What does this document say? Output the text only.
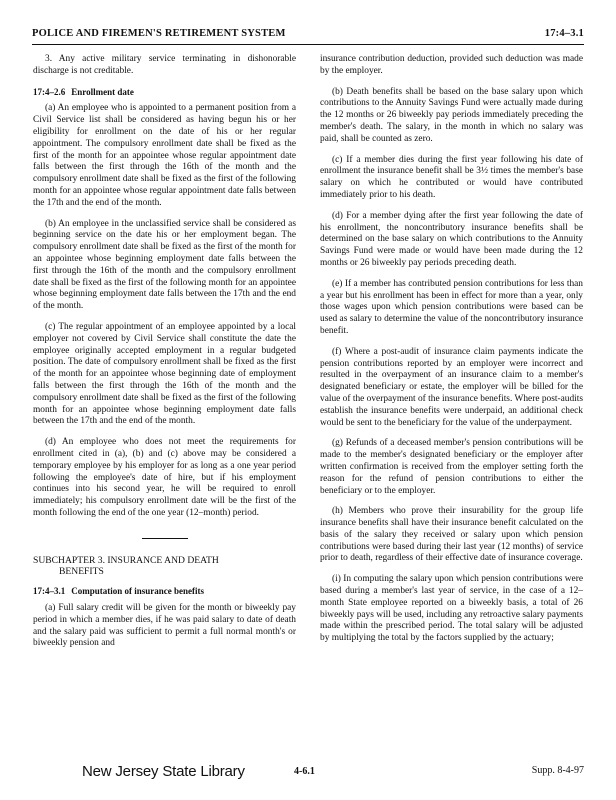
POLICE AND FIREMEN'S RETIREMENT SYSTEM	17:4–3.1

3. Any active military service terminating in dishonorable discharge is not creditable.

17:4–2.6 Enrollment date

(a) An employee who is appointed to a permanent position from a Civil Service list shall be considered as having begun his or her eligibility for enrollment on the date of his or her regular appointment. The compulsory enrollment date shall be fixed as the first of the month for an appointee whose regular appointment date falls between the first through the 16th of the month and the compulsory enrollment date shall be fixed as the first of the following month for an appointee whose regular appointment date falls between the 17th and the end of the month.

(b) An employee in the unclassified service shall be considered as beginning service on the date his or her employment began. The compulsory enrollment date shall be fixed as the first of the month for an appointee whose beginning employment date falls between the first through the 16th of the month and the compulsory enrollment date shall be fixed as the first of the following month for an appointee whose beginning employment date falls between the 17th and the end of the month.

(c) The regular appointment of an employee appointed by a local employer not covered by Civil Service shall constitute the date the employee originally accepted employment in a regular budgeted position. The date of compulsory enrollment shall be fixed as the first of the month for an appointee whose beginning date of employment falls between the first through the 16th of the month and the compulsory enrollment date shall be fixed as the first of the following month for an appointee whose beginning employment date falls between the 17th and the end of the month.

(d) An employee who does not meet the requirements for enrollment cited in (a), (b) and (c) above may be considered a temporary employee by his employer for as long as a one year period following the employee's date of hire, but if his employment continues into his second year, he will be required to enroll immediately; his compulsory enrollment date will be the first of the month following the end of the one year (12–month) period.

SUBCHAPTER 3. INSURANCE AND DEATH
BENEFITS

17:4–3.1 Computation of insurance benefits

(a) Full salary credit will be given for the month or biweekly pay period in which a member dies, if he was paid salary to date of death and the salary paid was sufficient to permit a full normal month's or biweekly pension and

insurance contribution deduction, provided such deduction was made by the employer.

(b) Death benefits shall be based on the base salary upon which contributions to the Annuity Savings Fund were actually made during the 12 months or 26 biweekly pay periods immediately preceding the member's death. The salary, in the month in which no salary was paid, shall be counted as zero.

(c) If a member dies during the first year following his date of enrollment the insurance benefit shall be 3½ times the member's base salary on which he contributed or would have contributed immediately prior to his death.

(d) For a member dying after the first year following the date of his enrollment, the noncontributory insurance benefits shall be determined on the base salary on which contributions to the Annuity Savings Fund were made or would have been made during the 12 months or 26 biweekly pay periods preceding death.

(e) If a member has contributed pension contributions for less than a year but his enrollment has been in effect for more than a year, only those wages upon which pension contributions were based can be used as salary to determine the value of the noncontributory insurance benefit.

(f) Where a post-audit of insurance claim payments indicate the pension contributions reported by an employer were incorrect and resulted in the overpayment of an insurance claim to a member's designated beneficiary or estate, the employer will be billed for the value of the overpayment of the insurance benefits. Where post-audits establish the insurance benefits were underpaid, an additional check would be sent to the beneficiary for the value of the underpayment.

(g) Refunds of a deceased member's pension contributions will be made to the member's designated beneficiary or the employer after written confirmation is received from the employer setting forth the reason for the refund of pension contributions to either the beneficiary or to the employer.

(h) Members who prove their insurability for the group life insurance benefits shall have their insurance benefit calculated on the basis of the salary they received or salary upon which pension contributions were based during their last year (12 months) of service prior to death, regardless of their effective date of insurance coverage.

(i) In computing the salary upon which pension contributions were based during a member's last year of service, in the case of a 12–month State employee reported on a biweekly basis, a total of 26 biweekly pays will be used, including any retroactive salary payments made within the prescribed period. The total salary will be adjusted by multiplying the total by the factors supplied by the actuary;

New Jersey State Library	4-6.1	Supp. 8-4-97
